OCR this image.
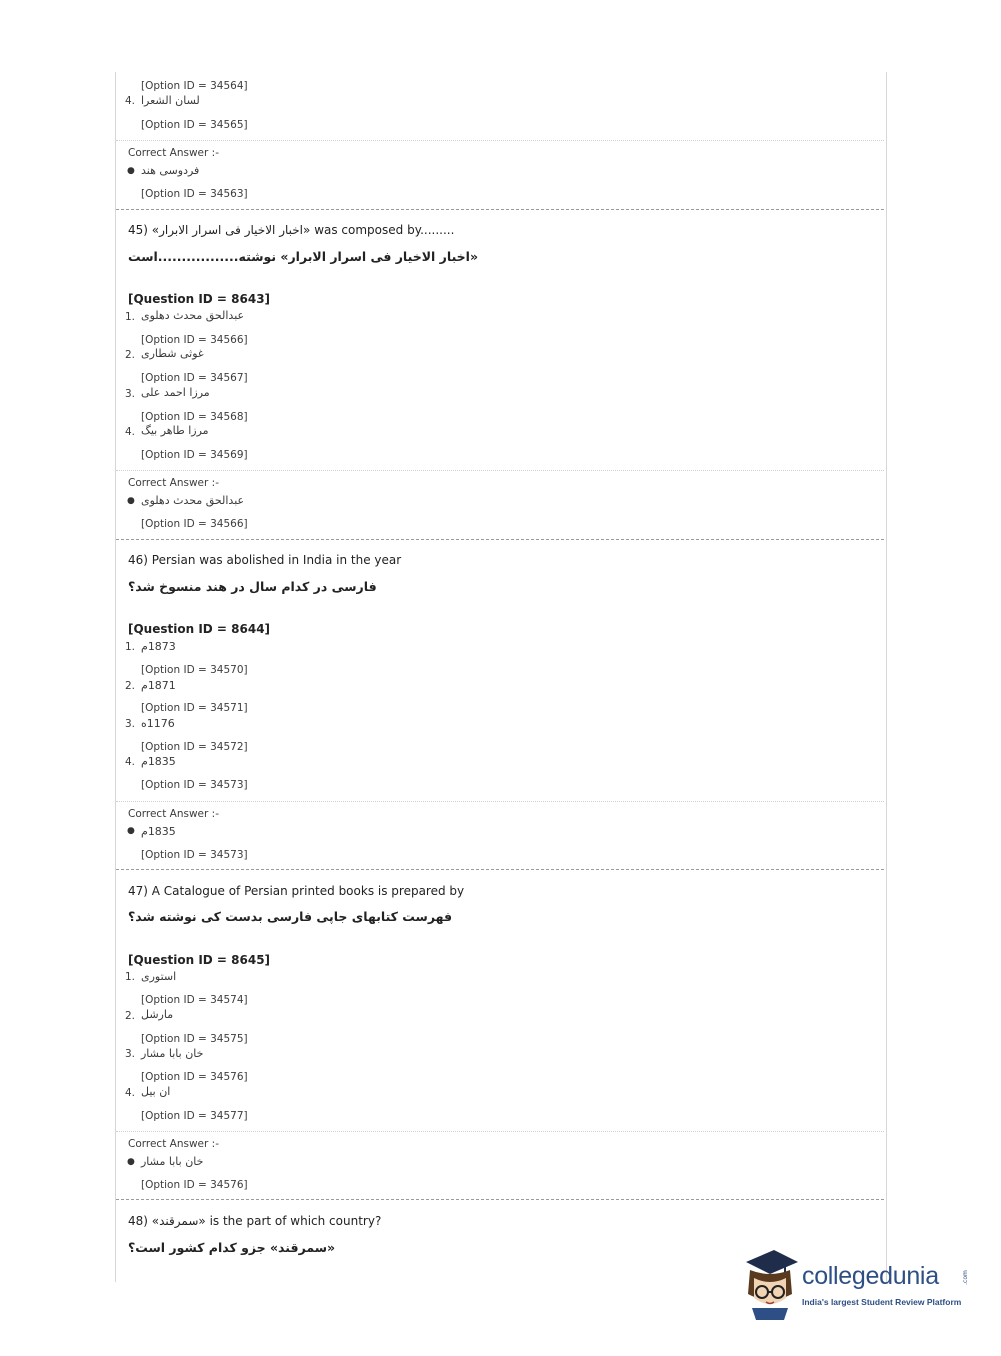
[Option ID = 34564]
4. لسان الشعرا
[Option ID = 34565]
Correct Answer :-
● فردوسی هند
[Option ID = 34563]
45) «اخبار الاخیار فی اسرار الابرار» was composed by.........
«اخبار الاخیار فی اسرار الابرار» نوشته.................است
[Question ID = 8643]
1. عبدالحق محدث دهلوی
[Option ID = 34566]
2. غوثی شطاری
[Option ID = 34567]
3. مرزا احمد علی
[Option ID = 34568]
4. مرزا طاهر بیگ
[Option ID = 34569]
Correct Answer :-
● عبدالحق محدث دهلوی
[Option ID = 34566]
46) Persian was abolished in India in the year
فارسی در کدام سال در هند منسوخ شد؟
[Question ID = 8644]
1. 1873م
[Option ID = 34570]
2. 1871م
[Option ID = 34571]
3. 1176ه
[Option ID = 34572]
4. 1835م
[Option ID = 34573]
Correct Answer :-
● 1835م
[Option ID = 34573]
47) A Catalogue of Persian printed books is prepared by
فهرست کتابهای جاپی فارسی بدست کی نوشته شد؟
[Question ID = 8645]
1. استوری
[Option ID = 34574]
2. مارشل
[Option ID = 34575]
3. خان بابا مشار
[Option ID = 34576]
4. ان بیل
[Option ID = 34577]
Correct Answer :-
● خان بابا مشار
[Option ID = 34576]
48) «سمرقند» is the part of which country?
«سمرقند» جزو کدام کشور است؟
collegedunia	.com
India's largest Student Review Platform
